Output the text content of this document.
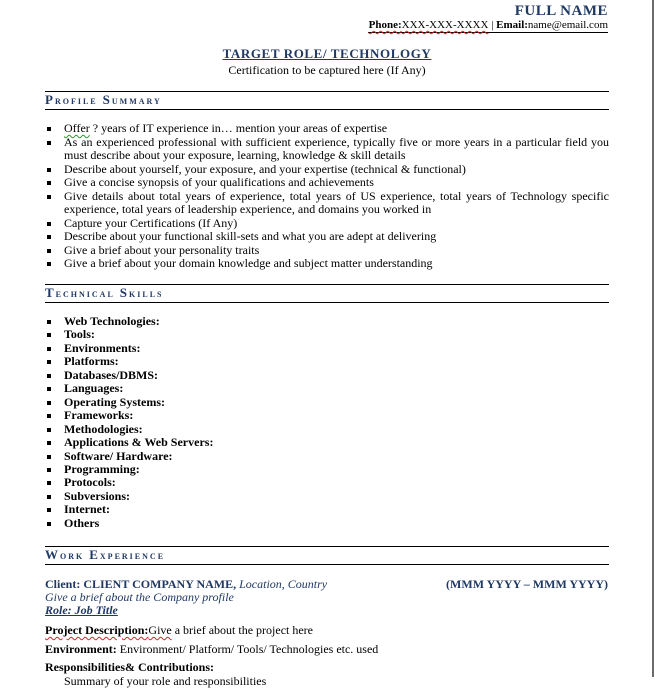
FULL NAME
Phone:XXX-XXX-XXXX | Email:name@email.com
TARGET ROLE/ TECHNOLOGY
Certification to be captured here (If Any)
Profile Summary
Offer ? years of IT experience in… mention your areas of expertise
As an experienced professional with sufficient experience, typically five or more years in a particular field you must describe about your exposure, learning, knowledge & skill details
Describe about yourself, your exposure, and your expertise (technical & functional)
Give a concise synopsis of your qualifications and achievements
Give details about total years of experience, total years of US experience, total years of Technology specific experience, total years of leadership experience, and domains you worked in
Capture your Certifications (If Any)
Describe about your functional skill-sets and what you are adept at delivering
Give a brief about your personality traits
Give a brief about your domain knowledge and subject matter understanding
Technical Skills
Web Technologies:
Tools:
Environments:
Platforms:
Databases/DBMS:
Languages:
Operating Systems:
Frameworks:
Methodologies:
Applications & Web Servers:
Software/ Hardware:
Programming:
Protocols:
Subversions:
Internet:
Others
Work Experience
Client: CLIENT COMPANY NAME, Location, Country	(MMM YYYY – MMM YYYY)
Give a brief about the Company profile
Role: Job Title
Project Description:Give a brief about the project here
Environment: Environment/ Platform/ Tools/ Technologies etc. used
Responsibilities& Contributions:
Summary of your role and responsibilities
